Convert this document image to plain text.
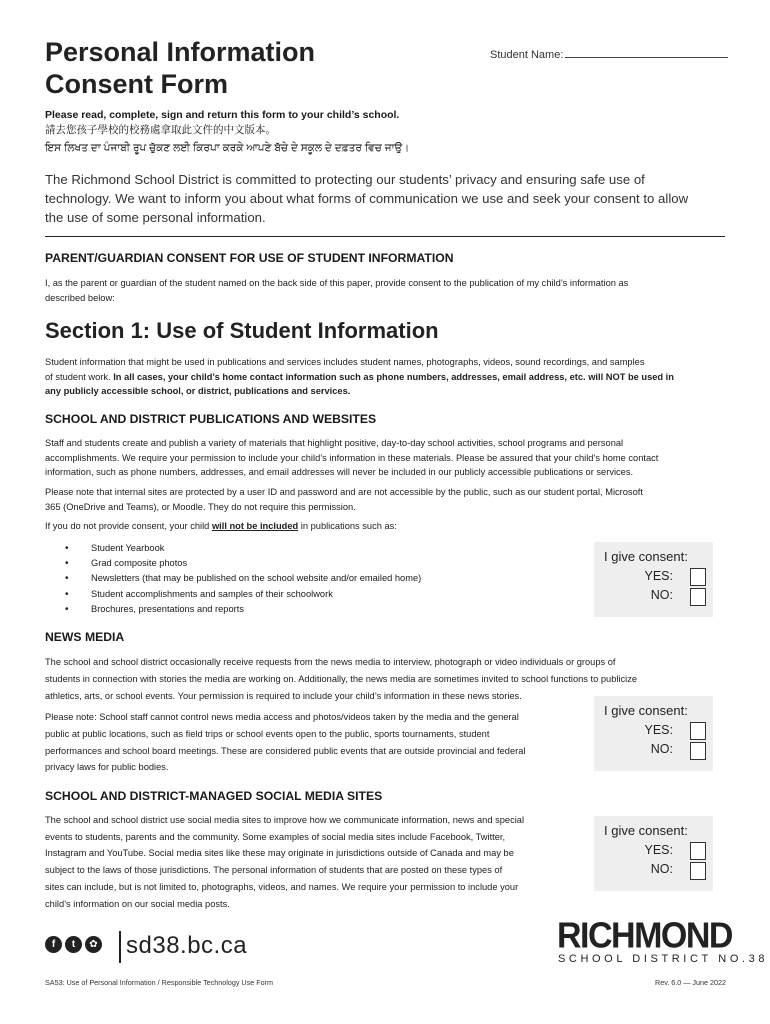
Personal Information
Consent Form
Student Name:
Please read, complete, sign and return this form to your child’s school.
請去您孩子學校的校務處拿取此文件的中文版本。
ਇਸ ਲਿਖਤ ਦਾ ਪੰਜਾਬੀ ਰੂਪ ਚੁੱਕਣ ਲਈ ਕਿਰਪਾ ਕਰਕੇ ਆਪਣੇ ਬੱਚੇ ਦੇ ਸਕੂਲ ਦੇ ਦਫ਼ਤਰ ਵਿਚ ਜਾਉ।
The Richmond School District is committed to protecting our students’ privacy and ensuring safe use of
technology. We want to inform you about what forms of communication we use and seek your consent to allow
the use of some personal information.
PARENT/GUARDIAN CONSENT FOR USE OF STUDENT INFORMATION
I, as the parent or guardian of the student named on the back side of this paper, provide consent to the publication of my child’s information as
described below:
Section 1: Use of Student Information
Student information that might be used in publications and services includes student names, photographs, videos, sound recordings, and samples
of student work. In all cases, your child’s home contact information such as phone numbers, addresses, email address, etc. will NOT be used in
any publicly accessible school, or district, publications and services.
SCHOOL AND DISTRICT PUBLICATIONS AND WEBSITES
Staff and students create and publish a variety of materials that highlight positive, day-to-day school activities, school programs and personal
accomplishments. We require your permission to include your child’s information in these materials. Please be assured that your child’s home contact
information, such as phone numbers, addresses, and email addresses will never be included in our publicly accessible publications or services.
Please note that internal sites are protected by a user ID and password and are not accessible by the public, such as our student portal, Microsoft
365 (OneDrive and Teams), or Moodle. They do not require this permission.
If you do not provide consent, your child will not be included in publications such as:
• Student Yearbook
• Grad composite photos
• Newsletters (that may be published on the school website and/or emailed home)
• Student accomplishments and samples of their schoolwork
• Brochures, presentations and reports
I give consent:
YES:
NO:
NEWS MEDIA
The school and school district occasionally receive requests from the news media to interview, photograph or video individuals or groups of
students in connection with stories the media are working on. Additionally, the news media are sometimes invited to school functions to publicize
athletics, arts, or school events. Your permission is required to include your child’s information in these news stories.
Please note: School staff cannot control news media access and photos/videos taken by the media and the general
public at public locations, such as field trips or school events open to the public, sports tournaments, student
performances and school board meetings. These are considered public events that are outside provincial and federal
privacy laws for public bodies.
I give consent:
YES:
NO:
SCHOOL AND DISTRICT-MANAGED SOCIAL MEDIA SITES
The school and school district use social media sites to improve how we communicate information, news and special
events to students, parents and the community. Some examples of social media sites include Facebook, Twitter,
Instagram and YouTube. Social media sites like these may originate in jurisdictions outside of Canada and may be
subject to the laws of those jurisdictions. The personal information of students that are posted on these types of
sites can include, but is not limited to, photographs, videos, and names. We require your permission to include your
child’s information on our social media posts.
I give consent:
YES:
NO:
f	t	✿ sd38.bc.ca	RICHMOND
SCHOOL DISTRICT NO.38
SA53: Use of Personal Information / Responsible Technology Use Form	Rev. 6.0 — June 2022
